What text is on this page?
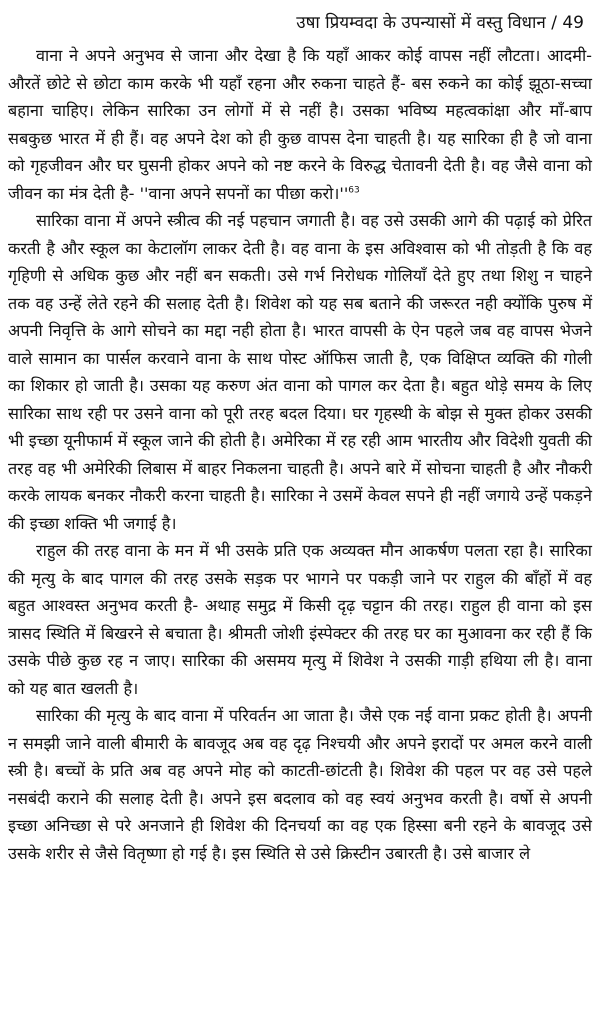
उषा प्रियम्वदा के उपन्यासों में वस्तु विधान / 49

वाना ने अपने अनुभव से जाना और देखा है कि यहाँ आकर कोई वापस नहीं लौटता। आदमी-औरतें छोटे से छोटा काम करके भी यहाँ रहना और रुकना चाहते हैं- बस रुकने का कोई झूठा-सच्चा बहाना चाहिए। लेकिन सारिका उन लोगों में से नहीं है। उसका भविष्य महत्वकांक्षा और माँ-बाप सबकुछ भारत में ही हैं। वह अपने देश को ही कुछ वापस देना चाहती है। यह सारिका ही है जो वाना को गृहजीवन और घर घुसनी होकर अपने को नष्ट करने के विरुद्ध चेतावनी देती है। वह जैसे वाना को जीवन का मंत्र देती है- ''वाना अपने सपनों का पीछा करो।''$^{63}$

सारिका वाना में अपने स्त्रीत्व की नई पहचान जगाती है। वह उसे उसकी आगे की पढ़ाई को प्रेरित करती है और स्कूल का केटालॉग लाकर देती है। वह वाना के इस अविश्वास को भी तोड़ती है कि वह गृहिणी से अधिक कुछ और नहीं बन सकती। उसे गर्भ निरोधक गोलियाँ देते हुए तथा शिशु न चाहने तक वह उन्हें लेते रहने की सलाह देती है। शिवेश को यह सब बताने की जरूरत नही क्योंकि पुरुष में अपनी निवृत्ति के आगे सोचने का मद्दा नही होता है। भारत वापसी के ऐन पहले जब वह वापस भेजने वाले सामान का पार्सल करवाने वाना के साथ पोस्ट ऑफिस जाती है, एक विक्षिप्त व्यक्ति की गोली का शिकार हो जाती है। उसका यह करुण अंत वाना को पागल कर देता है। बहुत थोड़े समय के लिए सारिका साथ रही पर उसने वाना को पूरी तरह बदल दिया। घर गृहस्थी के बोझ से मुक्त होकर उसकी भी इच्छा यूनीफार्म में स्कूल जाने की होती है। अमेरिका में रह रही आम भारतीय और विदेशी युवती की तरह वह भी अमेरिकी लिबास में बाहर निकलना चाहती है। अपने बारे में सोचना चाहती है और नौकरी करके लायक बनकर नौकरी करना चाहती है। सारिका ने उसमें केवल सपने ही नहीं जगाये उन्हें पकड़ने की इच्छा शक्ति भी जगाई है।

राहुल की तरह वाना के मन में भी उसके प्रति एक अव्यक्त मौन आकर्षण पलता रहा है। सारिका की मृत्यु के बाद पागल की तरह उसके सड़क पर भागने पर पकड़ी जाने पर राहुल की बाँहों में वह बहुत आश्वस्त अनुभव करती है- अथाह समुद्र में किसी दृढ़ चट्टान की तरह। राहुल ही वाना को इस त्रासद स्थिति में बिखरने से बचाता है। श्रीमती जोशी इंस्पेक्टर की तरह घर का मुआवना कर रही हैं कि उसके पीछे कुछ रह न जाए। सारिका की असमय मृत्यु में शिवेश ने उसकी गाड़ी हथिया ली है। वाना को यह बात खलती है।

सारिका की मृत्यु के बाद वाना में परिवर्तन आ जाता है। जैसे एक नई वाना प्रकट होती है। अपनी न समझी जाने वाली बीमारी के बावजूद अब वह दृढ़ निश्चयी और अपने इरादों पर अमल करने वाली स्त्री है। बच्चों के प्रति अब वह अपने मोह को काटती-छांटती है। शिवेश की पहल पर वह उसे पहले नसबंदी कराने की सलाह देती है। अपने इस बदलाव को वह स्वयं अनुभव करती है। वर्षो से अपनी इच्छा अनिच्छा से परे अनजाने ही शिवेश की दिनचर्या का वह एक हिस्सा बनी रहने के बावजूद उसे उसके शरीर से जैसे वितृष्णा हो गई है। इस स्थिति से उसे क्रिस्टीन उबारती है। उसे बाजार ले
